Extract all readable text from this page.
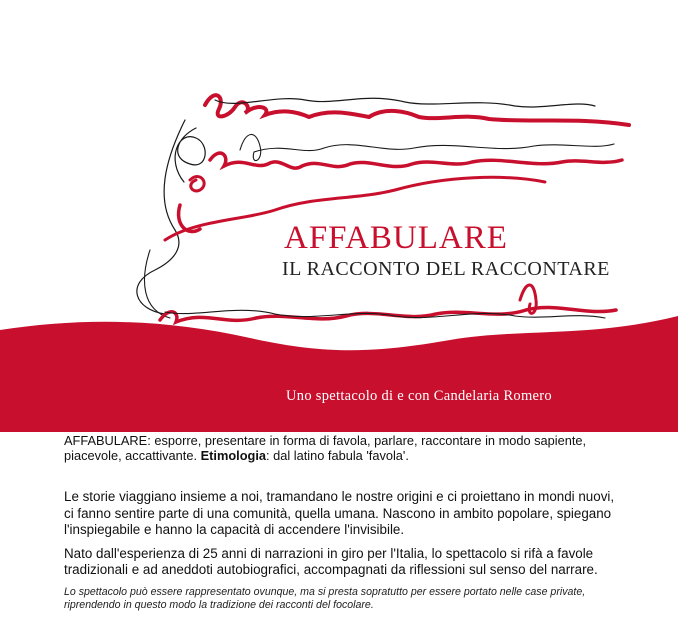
AFFABULARE
IL RACCONTO DEL RACCONTARE
Uno spettacolo di e con Candelaria Romero

AFFABULARE: esporre, presentare in forma di favola, parlare, raccontare in modo sapiente, piacevole, accattivante. Etimologia: dal latino fabula 'favola'.

Le storie viaggiano insieme a noi, tramandano le nostre origini e ci proiettano in mondi nuovi, ci fanno sentire parte di una comunità, quella umana. Nascono in ambito popolare, spiegano l'inspiegabile e hanno la capacità di accendere l'invisibile.

Nato dall'esperienza di 25 anni di narrazioni in giro per l'Italia, lo spettacolo si rifà a favole tradizionali e ad aneddoti autobiografici, accompagnati da riflessioni sul senso del narrare.

Lo spettacolo può essere rappresentato ovunque, ma si presta sopratutto per essere portato nelle case private, riprendendo in questo modo la tradizione dei racconti del focolare.
